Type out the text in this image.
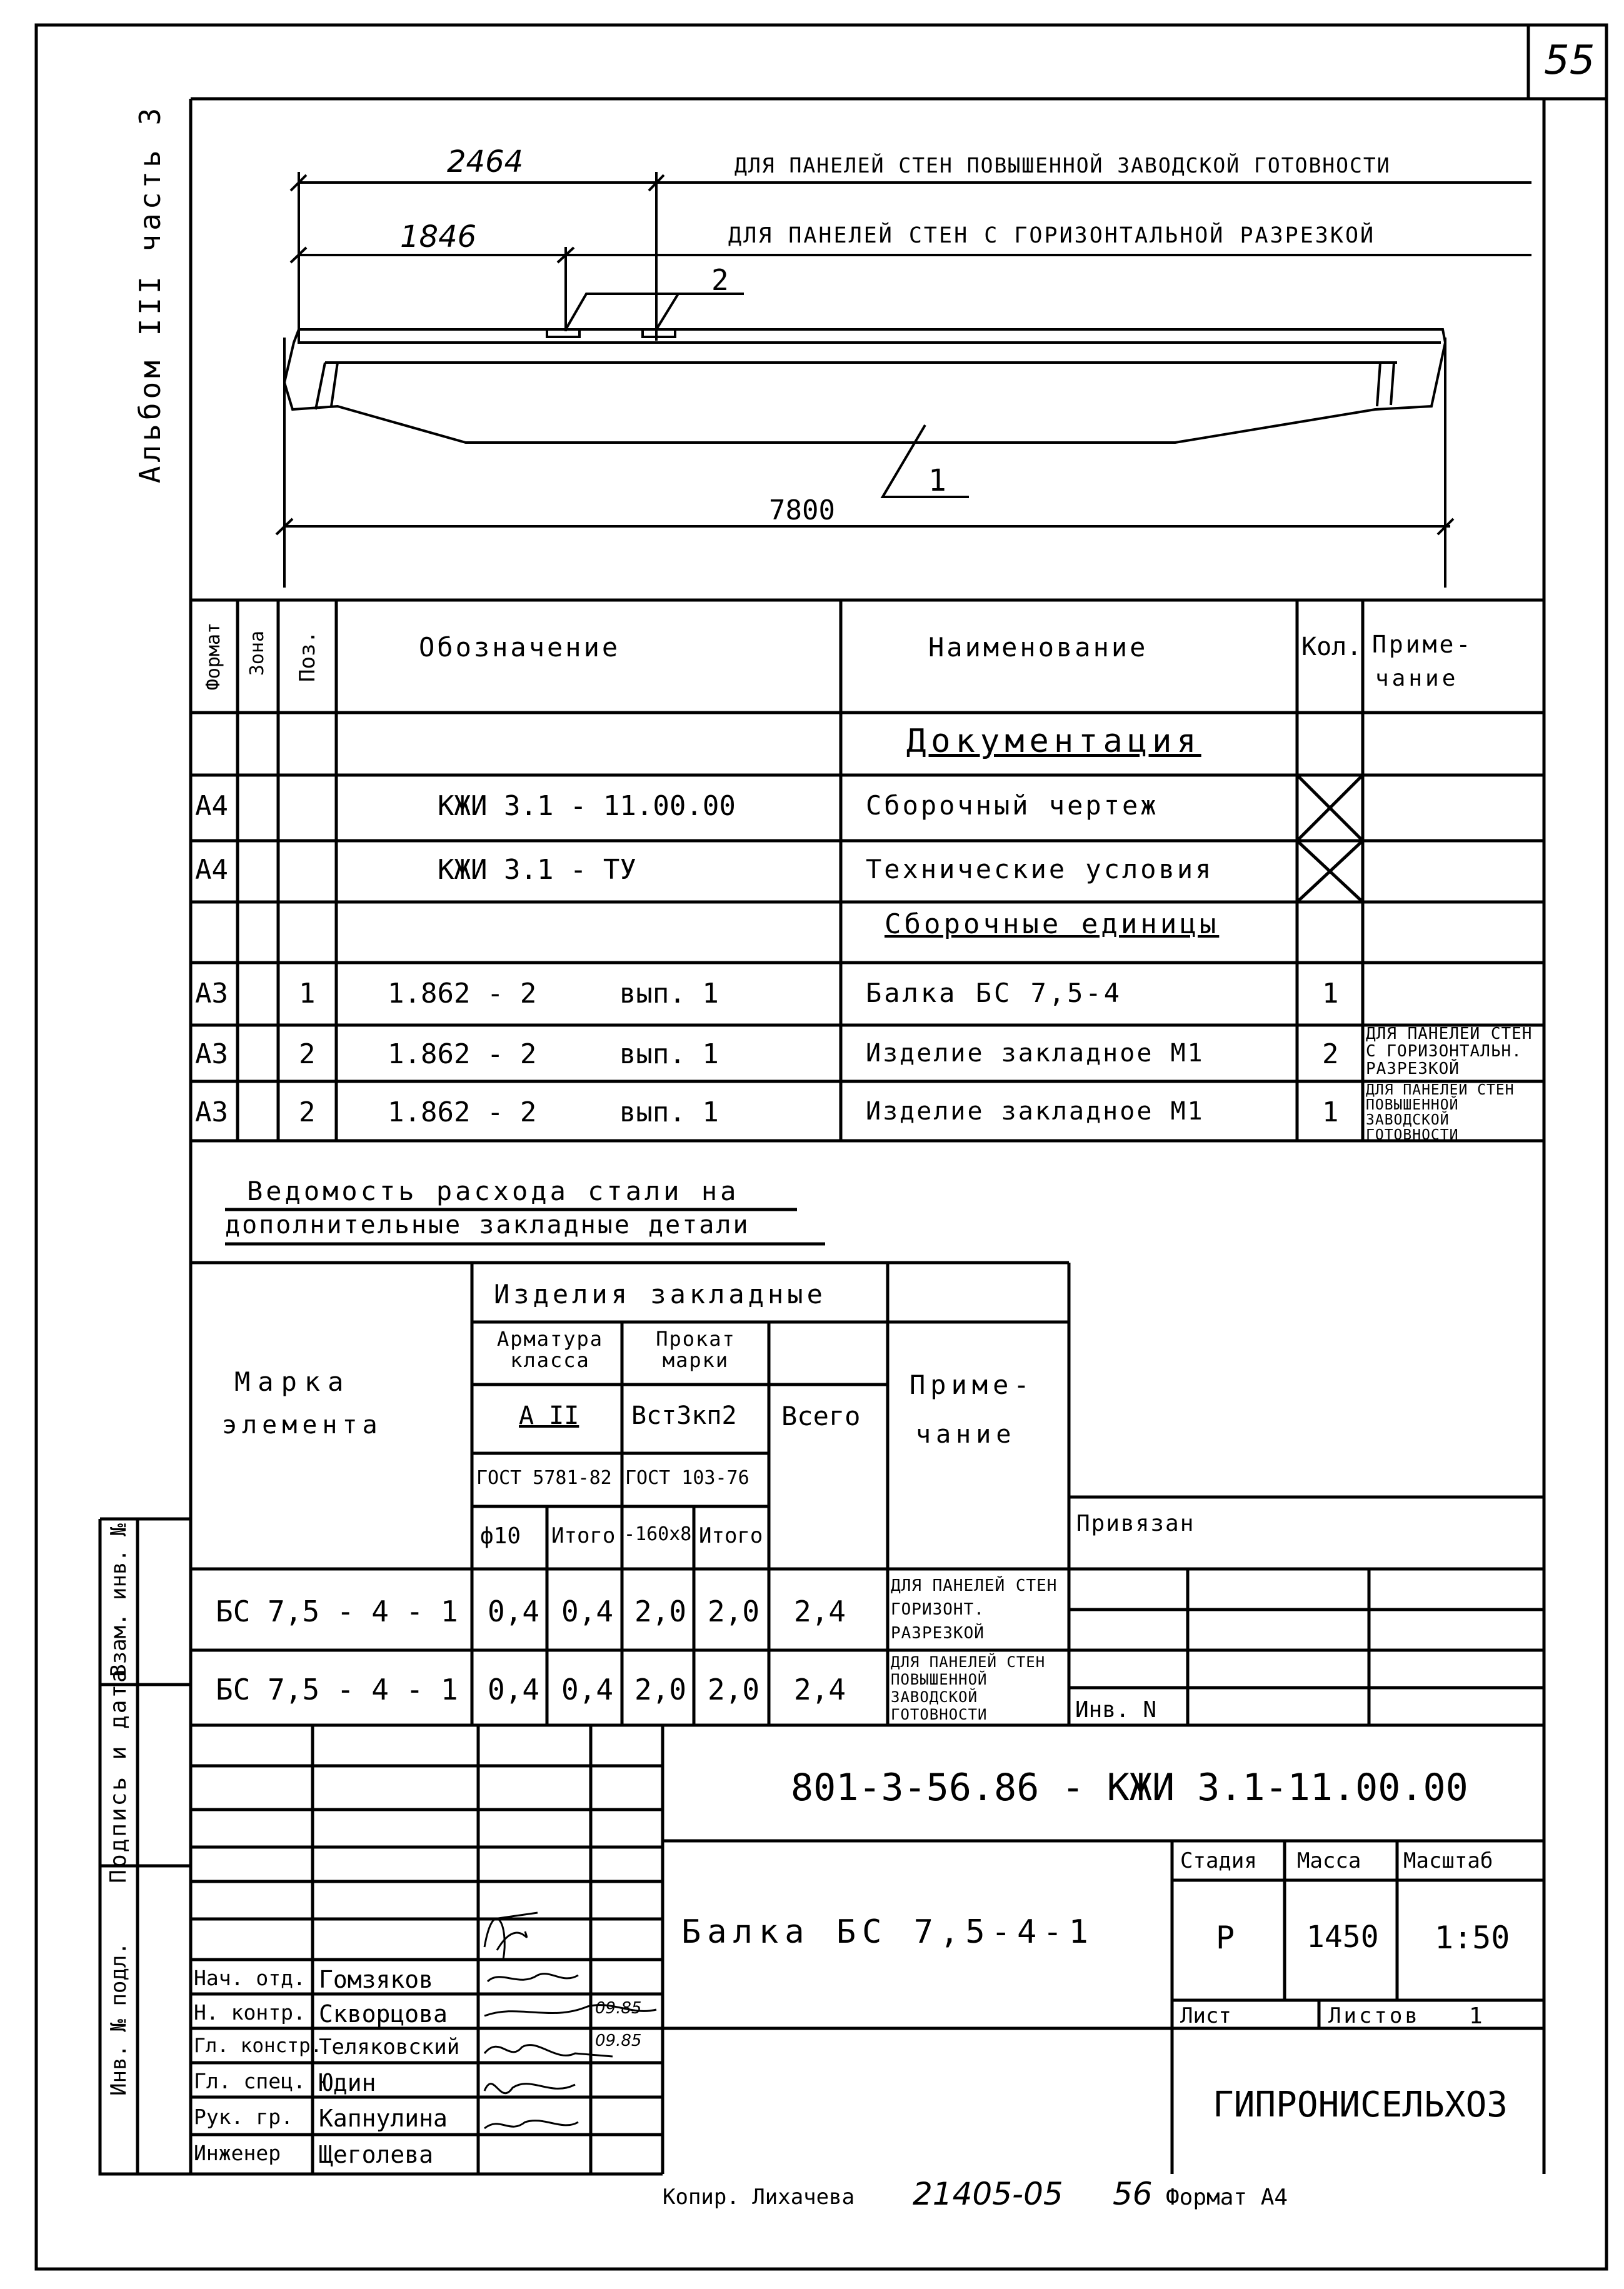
55
Альбом III часть 3	2464
1846
7800
ДЛЯ ПАНЕЛЕЙ СТЕН ПОВЫШЕННОЙ ЗАВОДСКОЙ ГОТОВНОСТИ
ДЛЯ ПАНЕЛЕЙ СТЕН С ГОРИЗОНТАЛЬНОЙ РАЗРЕЗКОЙ
2
1
Формат Зона Поз.	Обозначение	Наименование	Кол. Приме-
чание
Документация
Сборочные единицы
А4	КЖИ 3.1 - 11.00.00	Сборочный чертеж
А4	КЖИ 3.1 - ТУ	Технические условия
А3	1	1.862 - 2     вып. 1	Балка БС 7,5-4	1
А3	2	1.862 - 2     вып. 1	Изделие закладное М1	2
ДЛЯ ПАНЕЛЕЙ СТЕН С ГОРИЗОНТАЛЬН. РАЗРЕЗКОЙ
А3	2	1.862 - 2     вып. 1	Изделие закладное М1	1
ДЛЯ ПАНЕЛЕЙ СТЕН ПОВЫШЕННОЙ ЗАВОДСКОЙ ГОТОВНОСТИ
Ведомость расхода стали на
дополнительные закладные детали
Марка
элемента
Изделия закладные
Арматура класса
А II
ГОСТ 5781-82
Прокат марки
Вст3кп2
ГОСТ 103-76
Всего
Приме-
чание
ф10 Итого -160х8 Итого
БС 7,5 - 4 - 1 0,4 0,4 2,0 2,0 2,4
ДЛЯ ПАНЕЛЕЙ СТЕН ГОРИЗОНТ. РАЗРЕЗКОЙ
БС 7,5 - 4 - 1 0,4 0,4 2,0 2,0 2,4
ДЛЯ ПАНЕЛЕЙ СТЕН ПОВЫШЕННОЙ ЗАВОДСКОЙ ГОТОВНОСТИ
Привязан
Инв. N
Взам. инв. №
Подпись и дата
Инв. № подл.
801-3-56.86 - КЖИ 3.1-11.00.00
Балка БС 7,5-4-1
Стадия Масса Масштаб
Р 1450 1:50
Лист	Листов 1
ГИПРОНИСЕЛЬХОЗ
Нач. отд. Гомзяков
Н. контр. Скворцова	09.85
Гл. констр.
Теляковский	09.85
Гл. спец. Юдин
Рук. гр. Капнулина
Инженер Щеголева
Копир. Лихачева 21405-05 56 Формат А4
